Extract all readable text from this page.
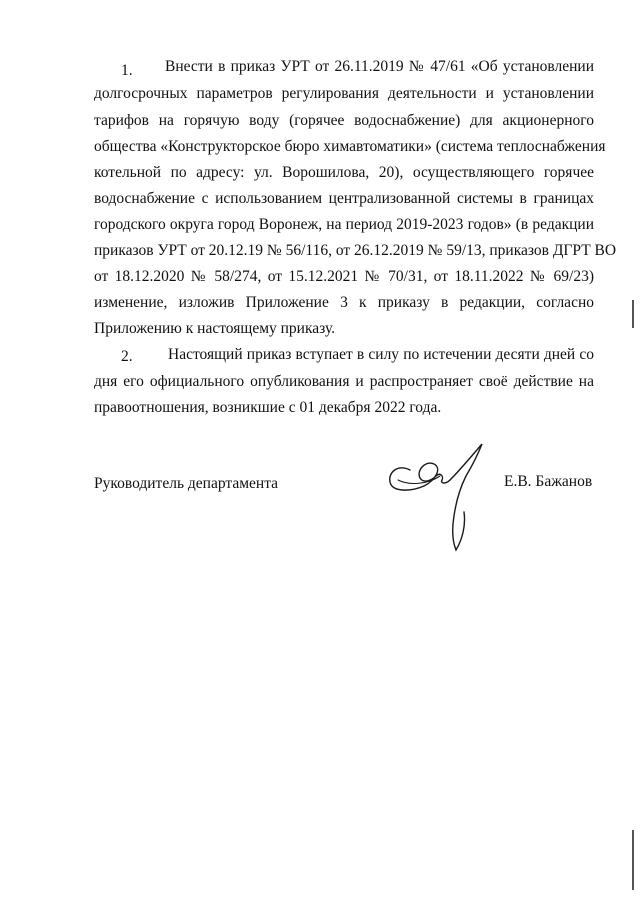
1. Внести в приказ УРТ от 26.11.2019 № 47/61 «Об установлении
долгосрочных параметров регулирования деятельности и установлении
тарифов на горячую воду (горячее водоснабжение) для акционерного
общества «Конструкторское бюро химавтоматики» (система теплоснабжения
котельной по адресу: ул. Ворошилова, 20), осуществляющего горячее
водоснабжение с использованием централизованной системы в границах
городского округа город Воронеж, на период 2019-2023 годов» (в редакции
приказов УРТ от 20.12.19 № 56/116, от 26.12.2019 № 59/13, приказов ДГРТ ВО
от 18.12.2020 № 58/274, от 15.12.2021 № 70/31, от 18.11.2022 № 69/23)
изменение, изложив Приложение 3 к приказу в редакции, согласно
Приложению к настоящему приказу.
2. Настоящий приказ вступает в силу по истечении десяти дней со
дня его официального опубликования и распространяет своё действие на
правоотношения, возникшие с 01 декабря 2022 года.
Руководитель департамента	Е.В. Бажанов
